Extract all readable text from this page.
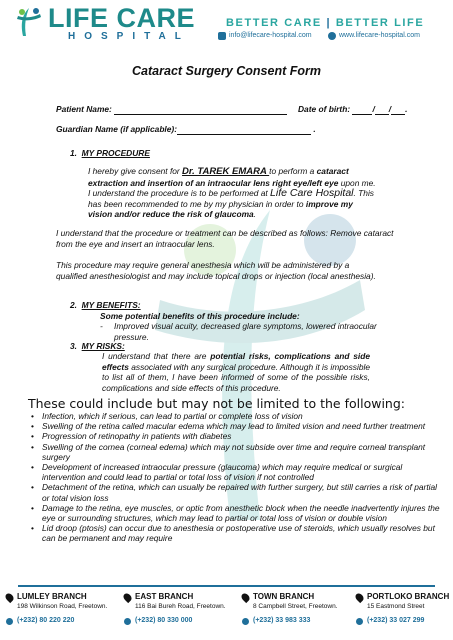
LIFE CARE
HOSPITAL
BETTER CARE | BETTER LIFE
info@lifecare-hospital.com	www.lifecare-hospital.com
Cataract Surgery Consent Form
Patient Name:	Date of birth:	/ / .
Guardian Name (if applicable):	.
1. MY PROCEDURE
I hereby give consent for Dr. TAREK EMARA to perform a cataract extraction and insertion of an intraocular lens right eye/left eye upon me. I understand the procedure is to be performed at Life Care Hospital. This has been recommended to me by my physician in order to improve my vision and/or reduce the risk of glaucoma.
I understand that the procedure or treatment can be described as follows: Remove cataract from the eye and insert an intraocular lens.
This procedure may require general anesthesia which will be administered by a qualified anesthesiologist and may include topical drops or injection (local anesthesia).
2. MY BENEFITS:
Some potential benefits of this procedure include:
- Improved visual acuity, decreased glare symptoms, lowered intraocular pressure.
3. MY RISKS:
I understand that there are potential risks, complications and side effects associated with any surgical procedure. Although it is impossible to list all of them, I have been informed of some of the possible risks, complications and side effects of this procedure.
These could include but may not be limited to the following:
• Infection, which if serious, can lead to partial or complete loss of vision
• Swelling of the retina called macular edema which may lead to limited vision and need further treatment
• Progression of retinopathy in patients with diabetes
• Swelling of the cornea (corneal edema) which may not subside over time and require corneal transplant surgery
• Development of increased intraocular pressure (glaucoma) which may require medical or surgical intervention and could lead to partial or total loss of vision if not controlled
• Detachment of the retina, which can usually be repaired with further surgery, but still carries a risk of partial or total vision loss
• Damage to the retina, eye muscles, or optic from anesthetic block when the needle inadvertently injures the eye or surrounding structures, which may lead to partial or total loss of vision or double vision
• Lid droop (ptosis) can occur due to anesthesia or postoperative use of steroids, which usually resolves but can be permanent and may require
LUMLEY BRANCH
198 Wilkinson Road, Freetown.
(+232) 80 220 220
EAST BRANCH
116 Bai Bureh Road, Freetown.
(+232) 80 330 000
TOWN BRANCH
8 Campbell Street, Freetown.
(+232) 33 983 333
PORTLOKO BRANCH
15 Eastmond Street
(+232) 33 027 299
